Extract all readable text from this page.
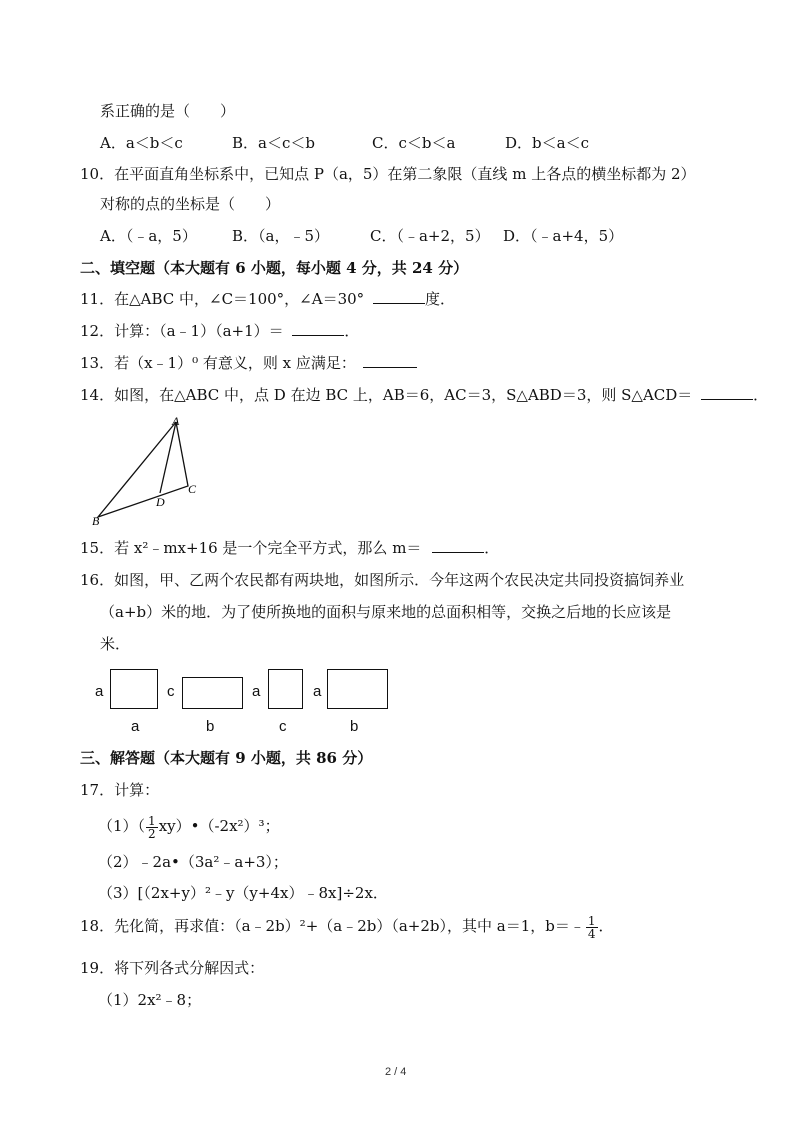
系正确的是（　　）
A．a＜b＜c	B．a＜c＜b	C．c＜b＜a	D．b＜a＜c
10．在平面直角坐标系中，已知点 P（a，5）在第二象限（直线 m 上各点的横坐标都为 2）
对称的点的坐标是（　　）
A．（﹣a，5） B．（a，﹣5）	C．（﹣a+2，5） D．（﹣a+4，5）
二、填空题（本大题有 6 小题，每小题 4 分，共 24 分）
11．在△ABC 中，∠C＝100°，∠A＝30°	度．
12．计算：（a﹣1）（a+1）＝	．
13．若（x﹣1）⁰ 有意义，则 x 应满足：
14．如图，在△ABC 中，点 D 在边 BC 上，AB＝6，AC＝3，S△ABD＝3，则 S△ACD＝	．
A
B
C
D
15．若 x²﹣mx+16 是一个完全平方式，那么 m＝	．
16．如图，甲、乙两个农民都有两块地，如图所示．今年这两个农民决定共同投资搞饲养业
（a+b）米的地．为了使所换地的面积与原来地的总面积相等，交换之后地的长应该是
米．
a
a
c
b
a
c
a
b
三、解答题（本大题有 9 小题，共 86 分）
17．计算：
$(1)( \frac{1}{2}$ xy）•（-2x²）³；
（2）﹣2a•（3a²﹣a+3）；
（3）[（2x+y）²﹣y（y+4x）﹣8x]÷2x．
18．先化简，再求值：（a﹣2b）²+（a﹣2b）（a+2b），其中 a＝1，b＝﹣ $\frac{1}{4}$ ．
19．将下列各式分解因式：
（1）2x²﹣8；
2 / 4
